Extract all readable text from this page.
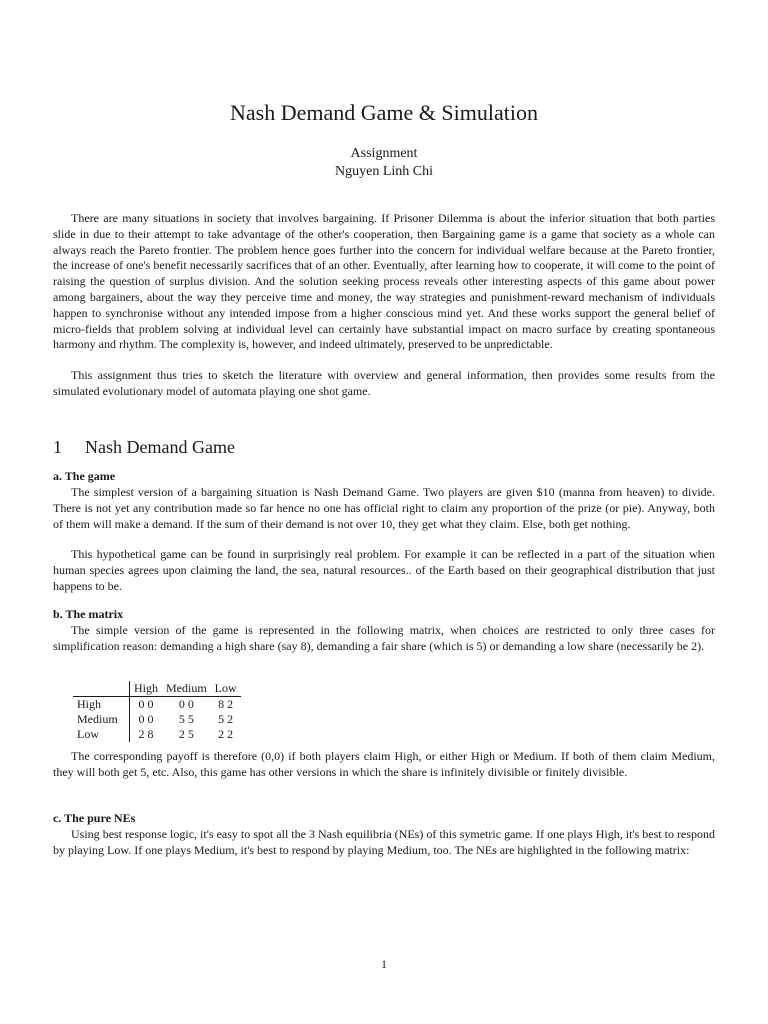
Nash Demand Game & Simulation
Assignment
Nguyen Linh Chi

There are many situations in society that involves bargaining. If Prisoner Dilemma is about the inferior situation that both parties slide in due to their attempt to take advantage of the other's cooperation, then Bargaining game is a game that society as a whole can always reach the Pareto frontier. The problem hence goes further into the concern for individual welfare because at the Pareto frontier, the increase of one's benefit necessarily sacrifices that of an other. Eventually, after learning how to cooperate, it will come to the point of raising the question of surplus division. And the solution seeking process reveals other interesting aspects of this game about power among bargainers, about the way they perceive time and money, the way strategies and punishment-reward mechanism of individuals happen to synchronise without any intended impose from a higher conscious mind yet. And these works support the general belief of micro-fields that problem solving at individual level can certainly have substantial impact on macro surface by creating spontaneous harmony and rhythm. The complexity is, however, and indeed ultimately, preserved to be unpredictable.

This assignment thus tries to sketch the literature with overview and general information, then provides some results from the simulated evolutionary model of automata playing one shot game.

1 Nash Demand Game
a. The game

The simplest version of a bargaining situation is Nash Demand Game. Two players are given $10 (manna from heaven) to divide. There is not yet any contribution made so far hence no one has official right to claim any proportion of the prize (or pie). Anyway, both of them will make a demand. If the sum of their demand is not over 10, they get what they claim. Else, both get nothing.

This hypothetical game can be found in surprisingly real problem. For example it can be reflected in a part of the situation when human species agrees upon claiming the land, the sea, natural resources.. of the Earth based on their geographical distribution that just happens to be.

b. The matrix

The simple version of the game is represented in the following matrix, when choices are restricted to only three cases for simplification reason: demanding a high share (say 8), demanding a fair share (which is 5) or demanding a low share (necessarily be 2).

	High	Medium	Low
High	0 0	0 0	8 2
Medium	0 0	5 5	5 2
Low	2 8	2 5	2 2

The corresponding payoff is therefore (0,0) if both players claim High, or either High or Medium. If both of them claim Medium, they will both get 5, etc. Also, this game has other versions in which the share is infinitely divisible or finitely divisible.

c. The pure NEs

Using best response logic, it's easy to spot all the 3 Nash equilibria (NEs) of this symetric game. If one plays High, it's best to respond by playing Low. If one plays Medium, it's best to respond by playing Medium, too. The NEs are highlighted in the following matrix:

1
